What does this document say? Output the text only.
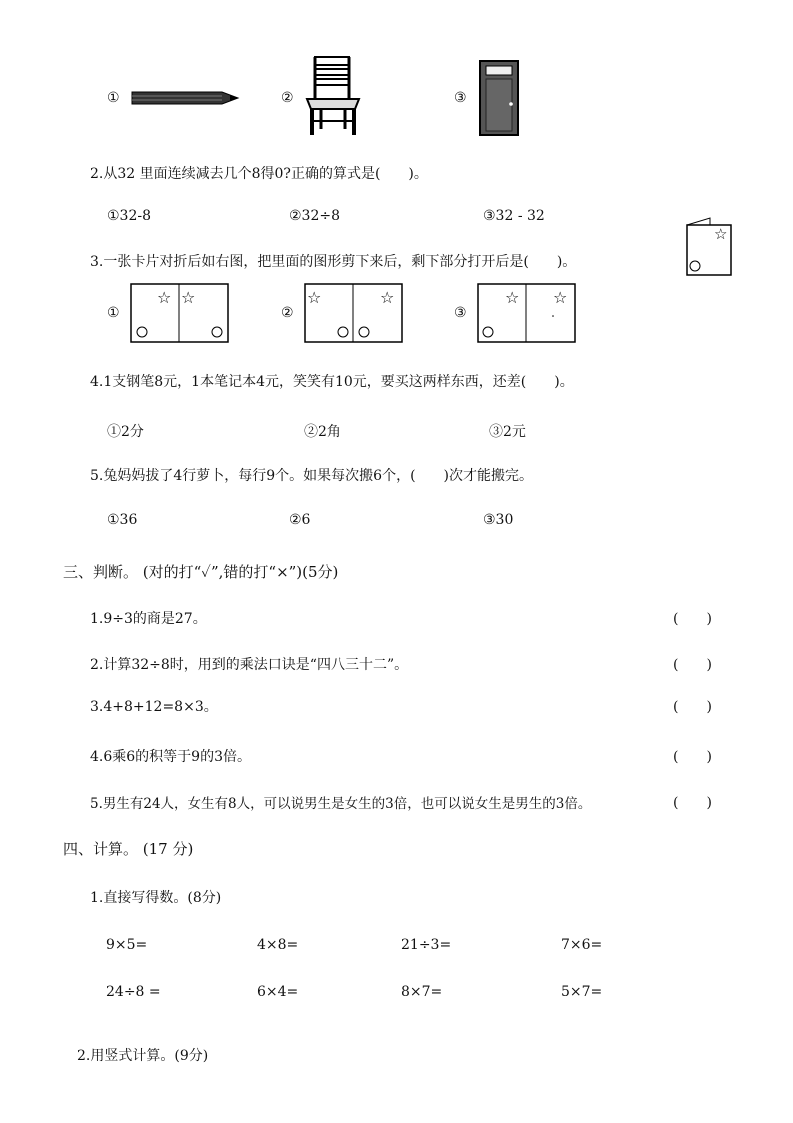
①	②	③
2.从32 里面连续减去几个8得0?正确的算式是(　　)。
①32-8	②32÷8	③32 - 32
3.一张卡片对折后如右图，把里面的图形剪下来后，剩下部分打开后是(　　)。
☆
①
☆ ☆
②
☆	☆
③
☆ ☆
4.1支钢笔8元，1本笔记本4元，笑笑有10元，要买这两样东西，还差(　　)。
①2分	②2角	③2元
5.兔妈妈拔了4行萝卜，每行9个。如果每次搬6个，(　　)次才能搬完。
①36	②6	③30
三、判断。 (对的打“✓”,错的打“×”)(5分)
1.9÷3的商是27。	(　　)
2.计算32÷8时，用到的乘法口诀是“四八三十二”。	(　　)
3.4+8+12=8×3。	(　　)
4.6乘6的积等于9的3倍。	(　　)
5.男生有24人，女生有8人，可以说男生是女生的3倍，也可以说女生是男生的3倍。	(　　)
四、计算。 (17 分)
1.直接写得数。(8分)
9×5=	4×8=	21÷3=	7×6=
24÷8 =	6×4=	8×7=	5×7=
2.用竖式计算。(9分)
